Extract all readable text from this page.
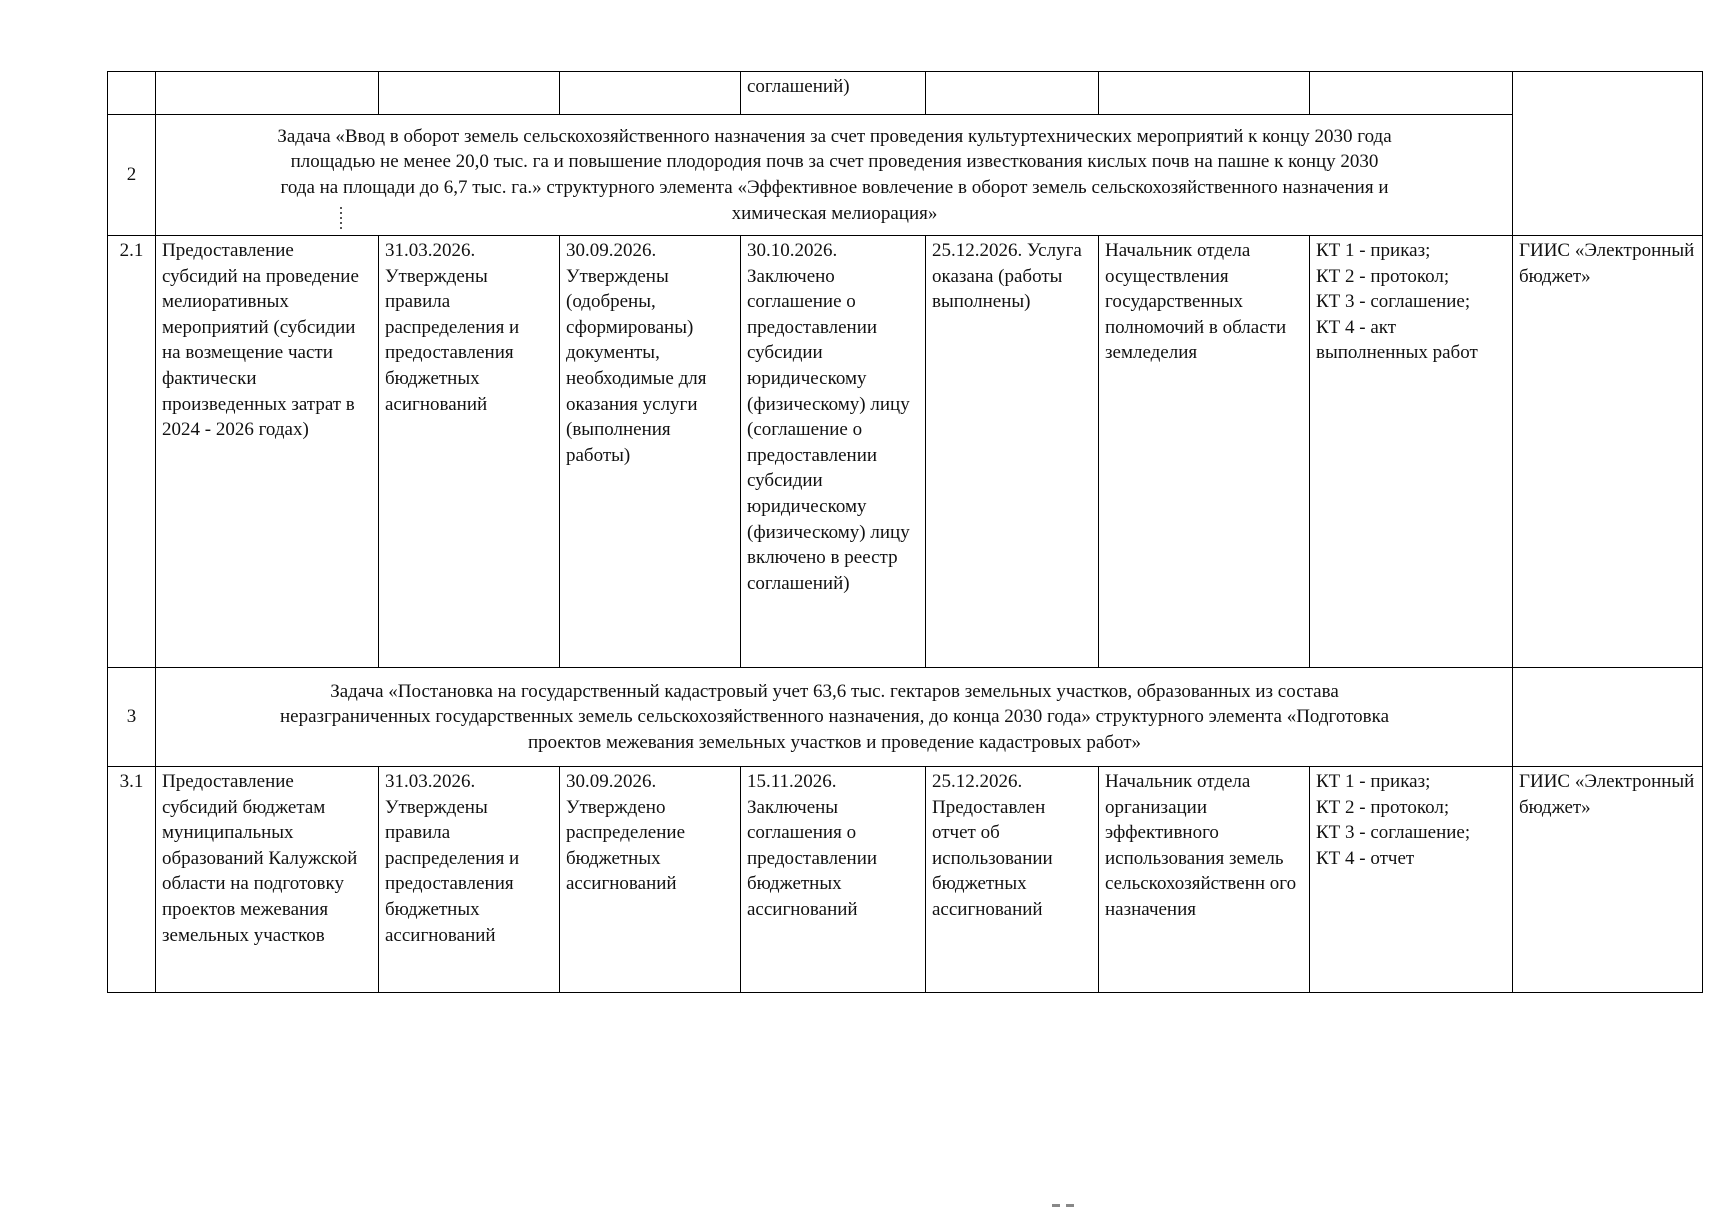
				соглашений)				
2	Задача «Ввод в оборот земель сельскохозяйственного назначения за счет проведения культуртехнических мероприятий к концу 2030 года
площадью не менее 20,0 тыс. га и повышение плодородия почв за счет проведения известкования кислых почв на пашне к концу 2030
года на площади до 6,7 тыс. га.» структурного элемента «Эффективное вовлечение в оборот земель сельскохозяйственного назначения и
химическая мелиорация»							

2.1	Предоставление субсидий на проведение мелиоративных мероприятий (субсидии на возмещение части фактически произведенных затрат в 2024 - 2026 годах)	31.03.2026. Утверждены правила распределения и предоставления бюджетных асигнований	30.09.2026. Утверждены (одобрены, сформированы) документы, необходимые для оказания услуги (выполнения работы)	30.10.2026. Заключено соглашение о предоставлении субсидии юридическому (физическому) лицу (соглашение о предоставлении субсидии юридическому (физическому) лицу включено в реестр соглашений)	25.12.2026. Услуга оказана (работы выполнены)	Начальник отдела осуществления государственных полномочий в области земледелия	КТ 1 - приказ;
КТ 2 - протокол;
КТ 3 - соглашение;
КТ 4 - акт выполненных работ	ГИИС «Электронный бюджет»
3	Задача «Постановка на государственный кадастровый учет 63,6 тыс. гектаров земельных участков, образованных из состава
неразграниченных государственных земель сельскохозяйственного назначения, до конца 2030 года» структурного элемента «Подготовка
проектов межевания земельных участков и проведение кадастровых работ»							

3.1	Предоставление субсидий бюджетам муниципальных образований Калужской области на подготовку проектов межевания земельных участков	31.03.2026. Утверждены правила распределения и предоставления бюджетных ассигнований	30.09.2026. Утверждено распределение бюджетных ассигнований	15.11.2026. Заключены соглашения о предоставлении бюджетных ассигнований	25.12.2026. Предоставлен отчет об использовании бюджетных ассигнований	Начальник отдела организации эффективного использования земель сельскохозяйственн ого назначения	КТ 1 - приказ;
КТ 2 - протокол;
КТ 3 - соглашение;
КТ 4 - отчет	ГИИС «Электронный бюджет»
